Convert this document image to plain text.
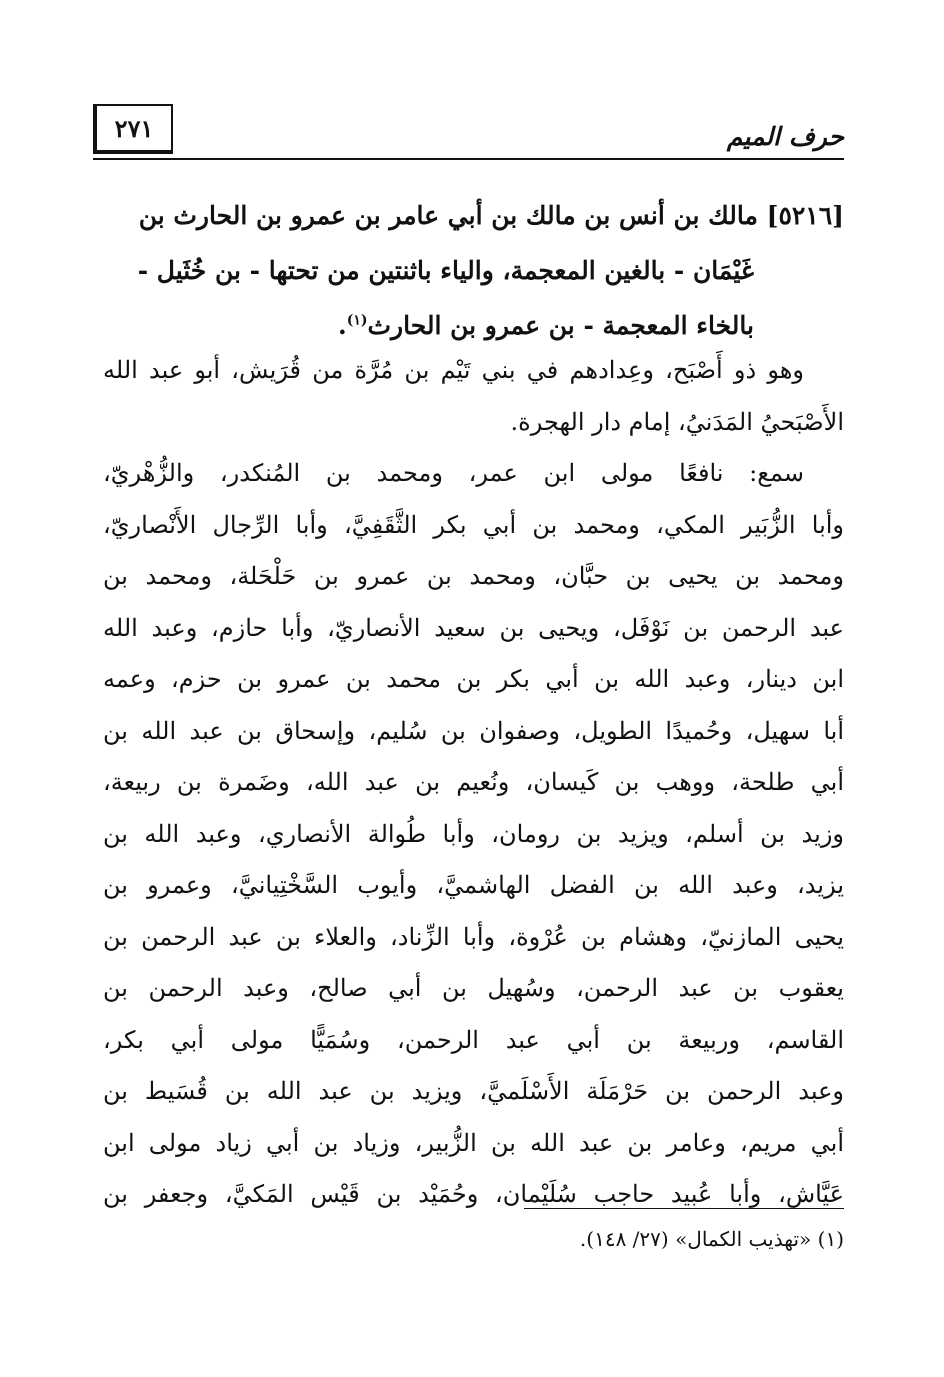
حرف الميم
٢٧١
[٥٢١٦] مالك بن أنس بن مالك بن أبي عامر بن عمرو بن الحارث بن
غَيْمَان - بالغين المعجمة، والياء باثنتين من تحتها - بن خُثَيل -
بالخاء المعجمة - بن عمرو بن الحارث$^{(١)}$.
وهو ذو أَصْبَح، وعِدادهم في بني تَيْم بن مُرَّة من قُرَيش، أبو عبد الله
الأَصْبَحيُ المَدَنيُ، إمام دار الهجرة.
سمع: نافعًا مولى ابن عمر، ومحمد بن المُنكدر، والزُّهْريّ،
وأبا الزُّبَير المكي، ومحمد بن أبي بكر الثَّقَفِيَّ، وأبا الرِّجال الأَنْصاريّ،
ومحمد بن يحيى بن حبَّان، ومحمد بن عمرو بن حَلْحَلة، ومحمد بن
عبد الرحمن بن نَوْفَل، ويحيى بن سعيد الأنصاريّ، وأبا حازم، وعبد الله
ابن دينار، وعبد الله بن أبي بكر بن محمد بن عمرو بن حزم، وعمه
أبا سهيل، وحُميدًا الطويل، وصفوان بن سُليم، وإسحاق بن عبد الله بن
أبي طلحة، ووهب بن كَيسان، ونُعيم بن عبد الله، وضَمرة بن ربيعة،
وزيد بن أسلم، ويزيد بن رومان، وأبا طُوالة الأنصاري، وعبد الله بن
يزيد، وعبد الله بن الفضل الهاشميَّ، وأيوب السَّخْتِيانيَّ، وعمرو بن
يحيى المازنيّ، وهشام بن عُرْوة، وأبا الزِّناد، والعلاء بن عبد الرحمن بن
يعقوب بن عبد الرحمن، وسُهيل بن أبي صالح، وعبد الرحمن بن
القاسم، وربيعة بن أبي عبد الرحمن، وسُمَيًّا مولى أبي بكر،
وعبد الرحمن بن حَرْمَلَة الأَسْلَميَّ، ويزيد بن عبد الله بن قُسَيط بن
أبي مريم، وعامر بن عبد الله بن الزُّبير، وزياد بن أبي زياد مولى ابن
عَيَّاش، وأبا عُبيد حاجب سُلَيْمان، وحُمَيْد بن قَيْس المَكيَّ، وجعفر بن
(١) «تهذيب الكمال» (٢٧/ ١٤٨).
